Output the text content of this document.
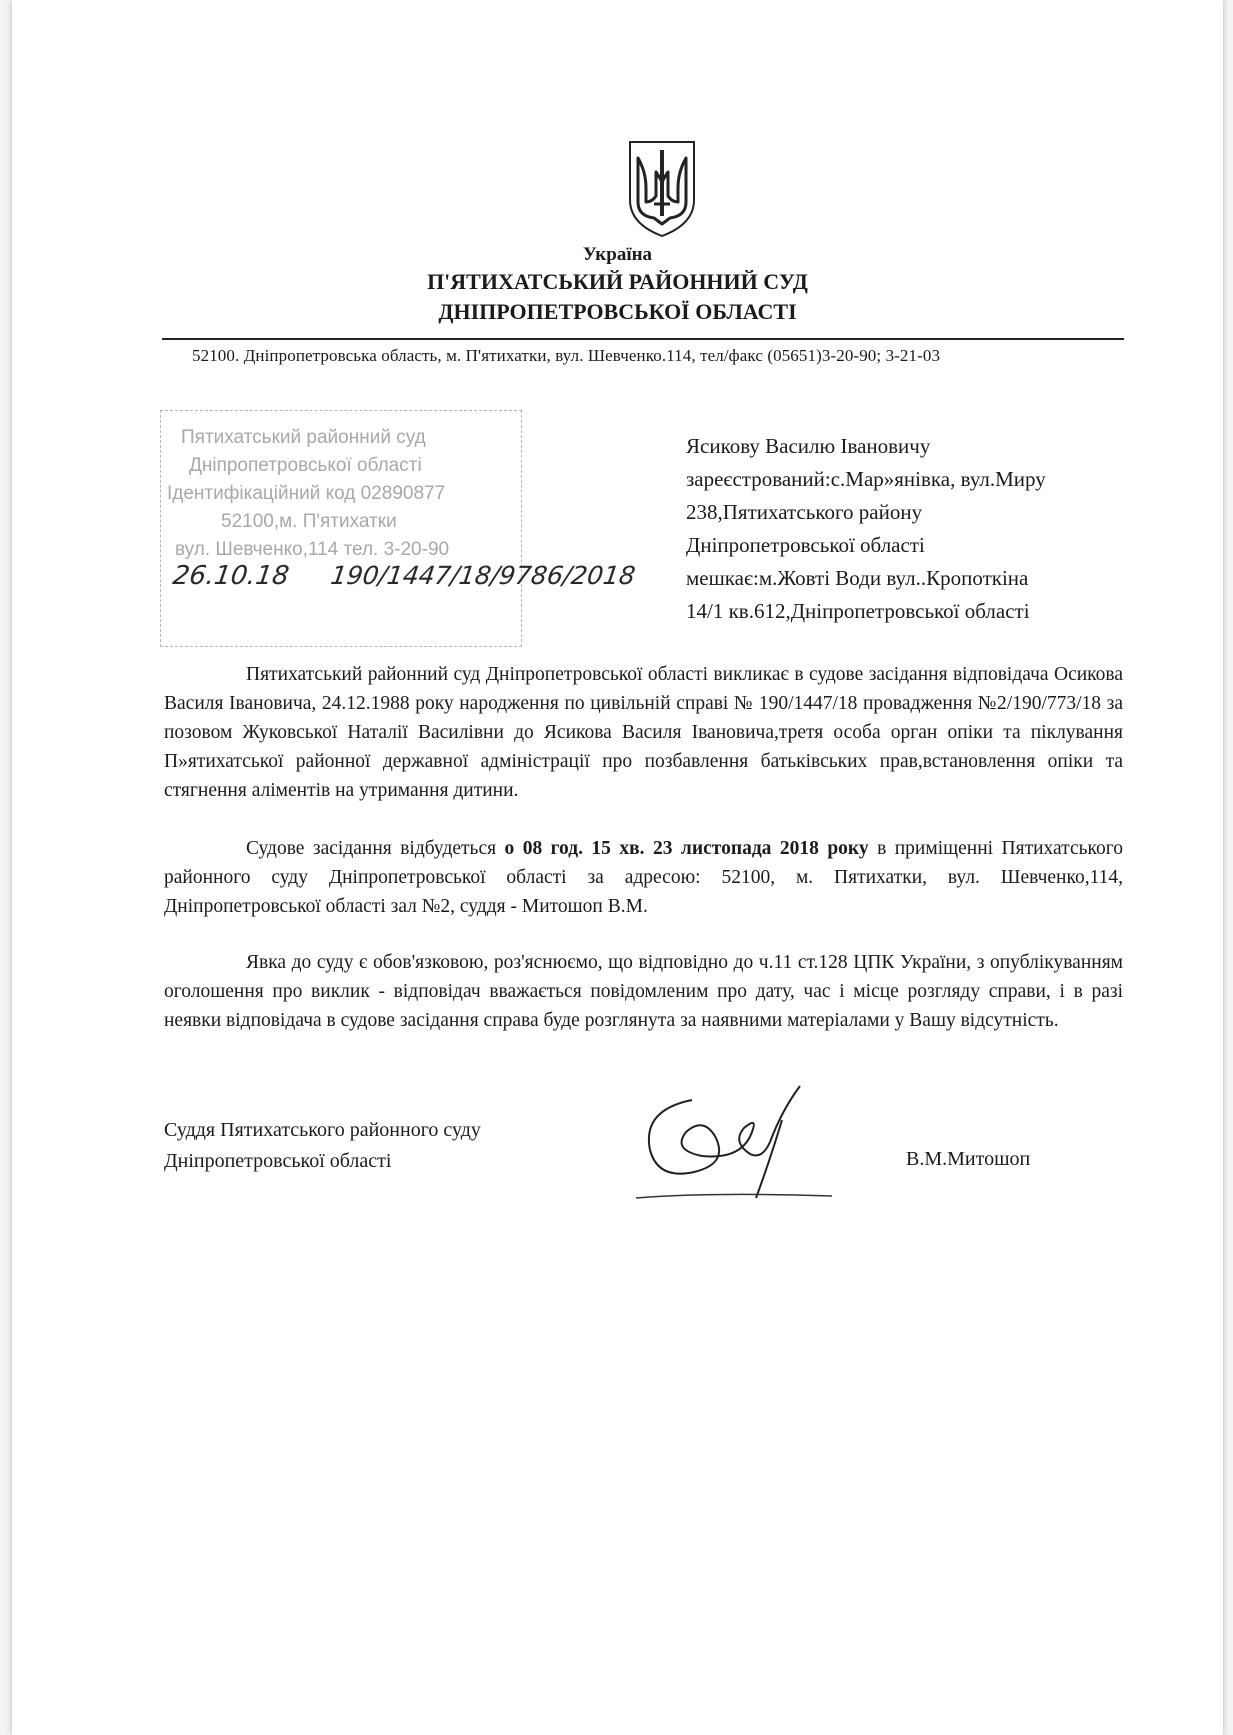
Україна
П'ЯТИХАТСЬКИЙ РАЙОННИЙ СУД
ДНІПРОПЕТРОВСЬКОЇ ОБЛАСТІ
52100. Дніпропетровська область, м. П'ятихатки, вул. Шевченко.114, тел/факс (05651)3-20-90; 3-21-03
Пятихатський районний суд
Дніпропетровської області
Ідентифікаційний код 02890877
52100,м. П'ятихатки
вул. Шевченко,114 тел. 3-20-90
26.10.18 190/1447/18/9786/2018
Ясикову Василю Івановичу
зареєстрований:с.Мар»янівка, вул.Миру
238,Пятихатського району
Дніпропетровської області
мешкає:м.Жовті Води вул..Кропоткіна
14/1 кв.612,Дніпропетровської області

Пятихатський районний суд Дніпропетровської області викликає в судове засідання відповідача Осикова Василя Івановича, 24.12.1988 року народження по цивільній справі № 190/1447/18 провадження №2/190/773/18 за позовом Жуковської Наталії Василівни до Ясикова Василя Івановича,третя особа орган опіки та піклування П»ятихатської районної державної адміністрації про позбавлення батьківських прав,встановлення опіки та стягнення аліментів на утримання дитини.

Судове засідання відбудеться о 08 год. 15 хв. 23 листопада 2018 року в приміщенні Пятихатського районного суду Дніпропетровської області за адресою: 52100, м. Пятихатки, вул. Шевченко,114, Дніпропетровської області зал №2, суддя - Митошоп В.М.

Явка до суду є обов'язковою, роз'яснюємо, що відповідно до ч.11 ст.128 ЦПК України, з опублікуванням оголошення про виклик - відповідач вважається повідомленим про дату, час і місце розгляду справи, і в разі неявки відповідача в судове засідання справа буде розглянута за наявними матеріалами у Вашу відсутність.

Суддя Пятихатського районного суду
Дніпропетровської області	В.М.Митошоп
